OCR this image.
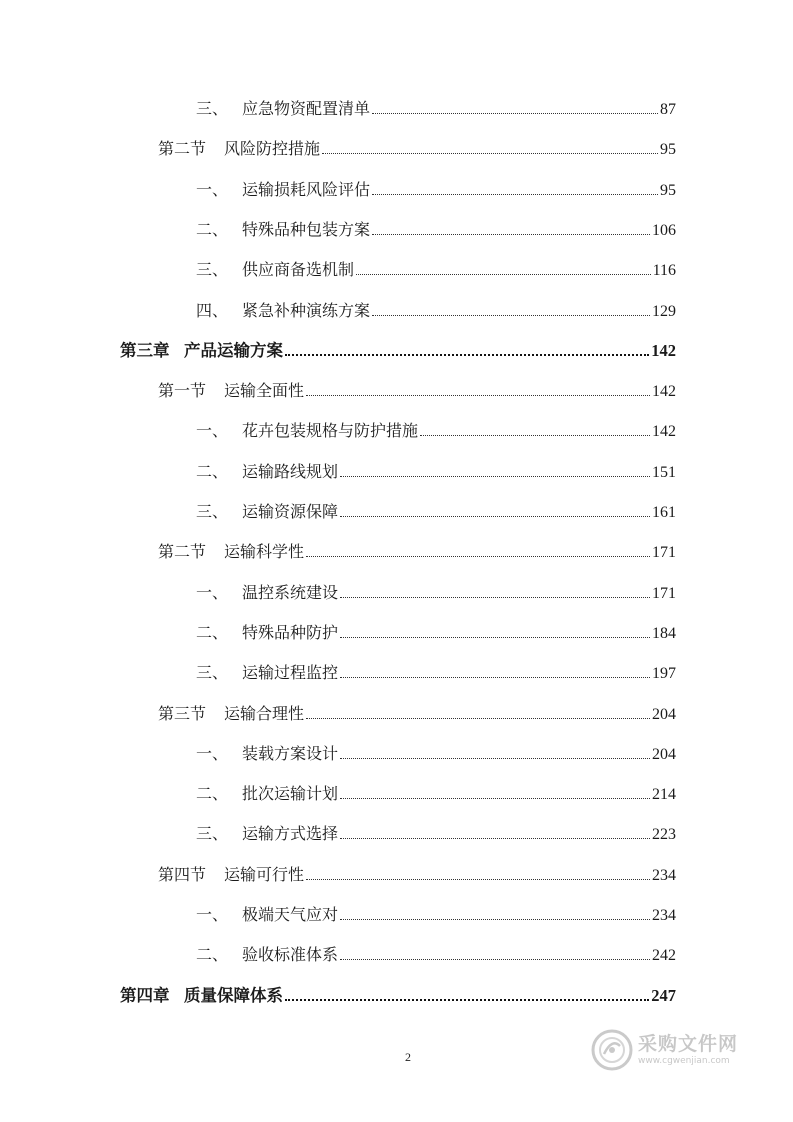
三、 应急物资配置清单	87
第二节	风险防控措施	95
一、 运输损耗风险评估	95
二、 特殊品种包装方案	106
三、 供应商备选机制	116
四、 紧急补种演练方案	129
第三章 产品运输方案	142
第一节	运输全面性	142
一、 花卉包装规格与防护措施	142
二、 运输路线规划	151
三、 运输资源保障	161
第二节	运输科学性	171
一、 温控系统建设	171
二、 特殊品种防护	184
三、 运输过程监控	197
第三节	运输合理性	204
一、 装载方案设计	204
二、 批次运输计划	214
三、 运输方式选择	223
第四节	运输可行性	234
一、 极端天气应对	234
二、 验收标准体系	242
第四章 质量保障体系	247
2
采购文件网
www.cgwenjian.com
